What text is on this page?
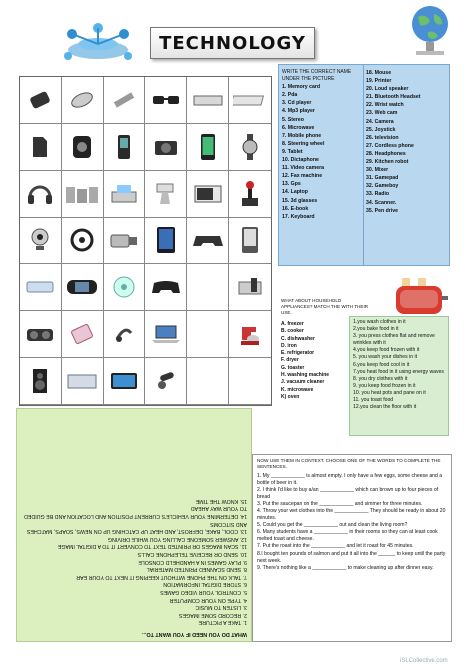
TECHNOLOGY
WRITE THE CORRECT NAME UNDER THE PICTURE
1. Memory card
2. Pda
3. Cd player
4. Mp3 player
5. Stereo
6. Microwave
7. Mobile phone
8. Steering wheel
9. Tablet
10. Dictaphone
11. Video camera
12. Fax machine
13. Gps
14. Laptop
15. 3d glasses
16. E-book
17. Keyboard
18. Mouse
19. Printer
20. Loud speaker
21. Bluetooth Headset
22. Wrist watch
23. Web cam
24. Camera
25. Joystick
26. television
27. Cordless phone
28. Headphones
29. Kitchen robot
30. Mixer
31. Gamepad
32. Gameboy
33. Radio
34. Scanner.
35. Pen drive
WHAT ABOUT HOUSEHOLD APPLIANCES? MATCH THE WITH THEIR USE.
A. freezer
B. cooker
C. dishwasher
D. iron
E. refrigerator
F. dryer
G. toaster
H. washing machine
J. vacuum cleaner
K. microwave
K) oven
1.you wash clothes in it
2.you bake food in it
3. you press clothes flat and remove wrinkles with it
4.you keep food frozen with it
5. you wash your dishes in it
6.you keep food cool in it
7.you heat food in it using energy waves
8. you dry clothes with it
9. you keep food frozen in it
10. you heat pots and pane on it
11. you toast food
12.you clean the floor with it
WHAT DO YOU NEED IF YOU WANT TO...
1. TAKE A PICTURE
2. RECORD SOME IMAGES
3. LISTEN TO MUSIC
4. TYPE ON YOUR COMPUTER
5. CONTROL YOUR VIDEO GAMES
6. STORE DIGITAL INFORMATION
7. TALK ON THE PHONE WITHOUT KEEPING IT NEXT TO YOUR EAR
8. SEND SCANNED PRINTED MATERIAL
9. PLAY GAMES IN A HANDHELD CONSOLE
10. SEND OR RECEIVE TELEPHONE CALLS
11. SCAN IMAGES OR PRINTED TEXT TO CONVERT IT TO A DIGITAL IMAGE
12. ANSWER SOMEONE CALLING YOU WHILE DRIVING
13. COOL, BAKE, DEFROST, AND HEAT UP CATCHING UP ON NEWS, SOAPS, MATCHES AND SITCOMS
14. DETERMINE YOUR VEHICLE'S CURRENT POSITION AND LOCATION AND BE GUIDED TO YOUR WAY AHEAD
15. KNOW THE TIME
NOW USE THEM IN CONTEXT. CHOOSE ONE OF THE WORDS TO COMPLETE THE SENTENCES.
1. My ____________ is almost empty. I only have a few eggs, some cheese and a bottle of beer in it.
2. I think I'd like to buy a/an ____________ which can brown up to four pieces of bread
3. Put the saucepan on the ____________ and simmer for three minutes.
4. Throw your wet clothes into the ____________ They should be ready in about 20 minutes.
5. Could you get the ____________ out and clean the living room?
6. Many students have a ____________ in their rooms so they can at least cook melted toast and cheese.
7. Put the roast into the ____________ and let it roast for 45 minutes.
8.I bought ten pounds of salmon and put it all into the ______ to keep until the party next week.
9. There's nothing like a ____________ to make cleaning up after dinner easy.
iSLCollective.com
